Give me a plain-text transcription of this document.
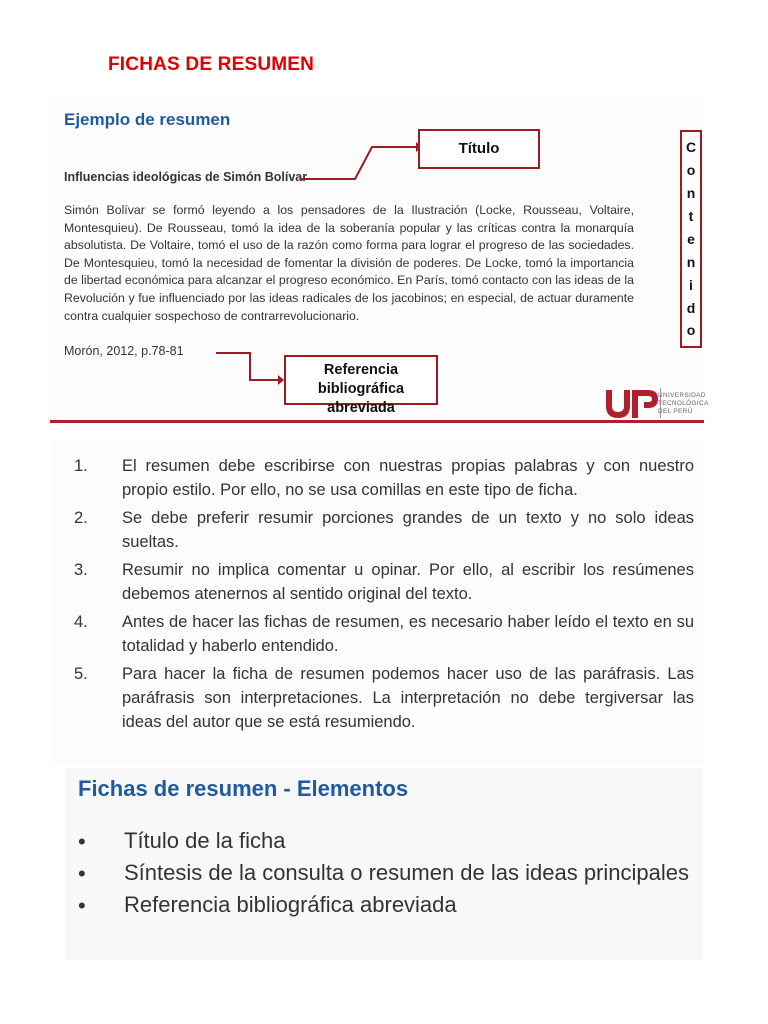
FICHAS DE RESUMEN
Ejemplo de resumen
Influencias ideológicas de Simón Bolívar
Simón Bolívar se formó leyendo a los pensadores de la Ilustración (Locke, Rousseau, Voltaire, Montesquieu). De Rousseau, tomó la idea de la soberanía popular y las críticas contra la monarquía absolutista. De Voltaire, tomó el uso de la razón como forma para lograr el progreso de las sociedades. De Montesquieu, tomó la necesidad de fomentar la división de poderes. De Locke, tomó la importancia de libertad económica para alcanzar el progreso económico. En París, tomó contacto con las ideas de la Revolución y fue influenciado por las ideas radicales de los jacobinos; en especial, de actuar duramente contra cualquier sospechoso de contrarrevolucionario.
Morón, 2012, p.78-81
Título
Referencia
bibliográfica abreviada
C
o
n
t
e
n
i
d
o
UNIVERSIDAD
TECNOLÓGICA
DEL PERÚ
1.	El resumen debe escribirse con nuestras propias palabras y con nuestro propio estilo. Por ello, no se usa comillas en este tipo de ficha.
2.	Se debe preferir resumir porciones grandes de un texto y no solo ideas sueltas.
3.	Resumir no implica comentar u opinar. Por ello, al escribir los resúmenes debemos atenernos al sentido original del texto.
4.	Antes de hacer las fichas de resumen, es necesario haber leído el texto en su totalidad y haberlo entendido.
5.	Para hacer la ficha de resumen podemos hacer uso de las paráfrasis. Las paráfrasis son interpretaciones. La interpretación no debe tergiversar las ideas del autor que se está resumiendo.
Fichas de resumen - Elementos
•	Título de la ficha
•	Síntesis de la consulta o resumen de las ideas principales
•	Referencia bibliográfica abreviada
